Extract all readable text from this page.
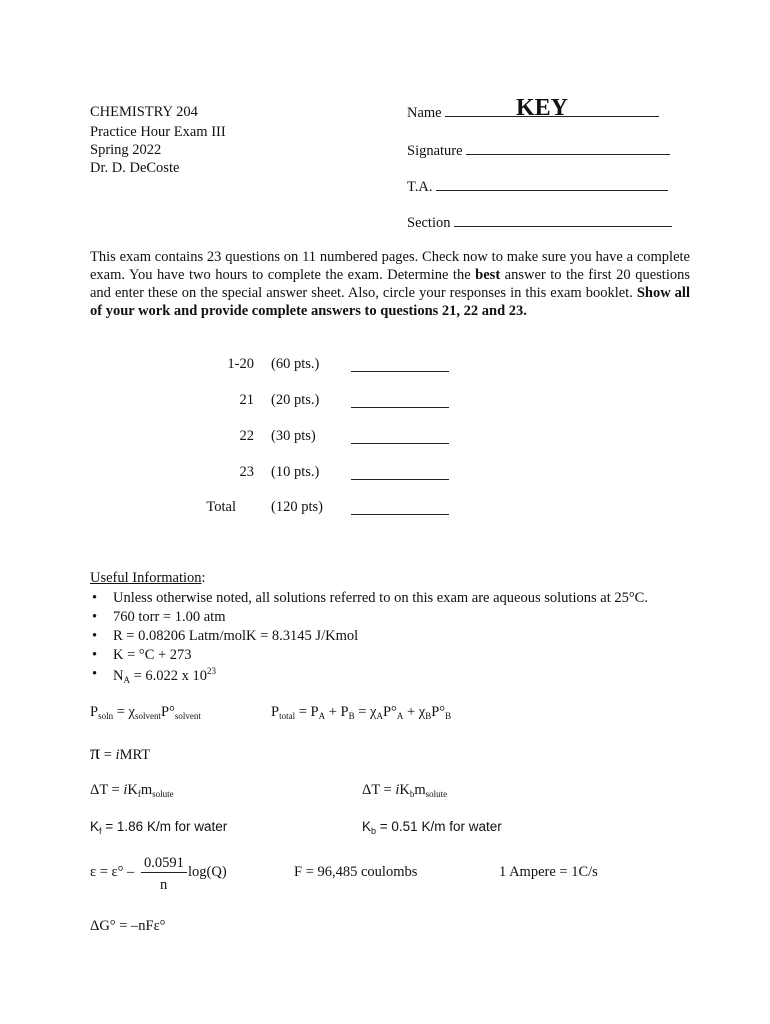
CHEMISTRY 204
Practice Hour Exam III
Spring 2022
Dr. D. DeCoste
Name	KEY
Signature
T.A.
Section
This exam contains 23 questions on 11 numbered pages. Check now to make sure you have a complete exam. You have two hours to complete the exam. Determine the best answer to the first 20 questions and enter these on the special answer sheet. Also, circle your responses in this exam booklet. Show all of your work and provide complete answers to questions 21, 22 and 23.
1-20 (60 pts.)
21 (20 pts.)
22 (30 pts)
23 (10 pts.)
Total (120 pts)
Useful Information:
• Unless otherwise noted, all solutions referred to on this exam are aqueous solutions at 25°C.
• 760 torr = 1.00 atm
• R = 0.08206 Latm/molK = 8.3145 J/Kmol
• K = °C + 273
• $N_A = 6.022$ x $10^{23}$
$P_{soln} = \chi_{solvent}P^\circ_{solvent}$	$P_{total} = P_A + P_B = \chi_AP^\circ_A + \chi_BP^\circ_B$
π = iMRT
$\Delta T = iK_fm_{solute}$	$\Delta T = iK_bm_{solute}$
$K_f = 1.86$ K/m for water	$K_b = 0.51$ K/m for water
ε = ε° –
0.0591
n
log(Q)	F = 96,485 coulombs	1 Ampere = 1C/s
ΔG° = –nFε°
